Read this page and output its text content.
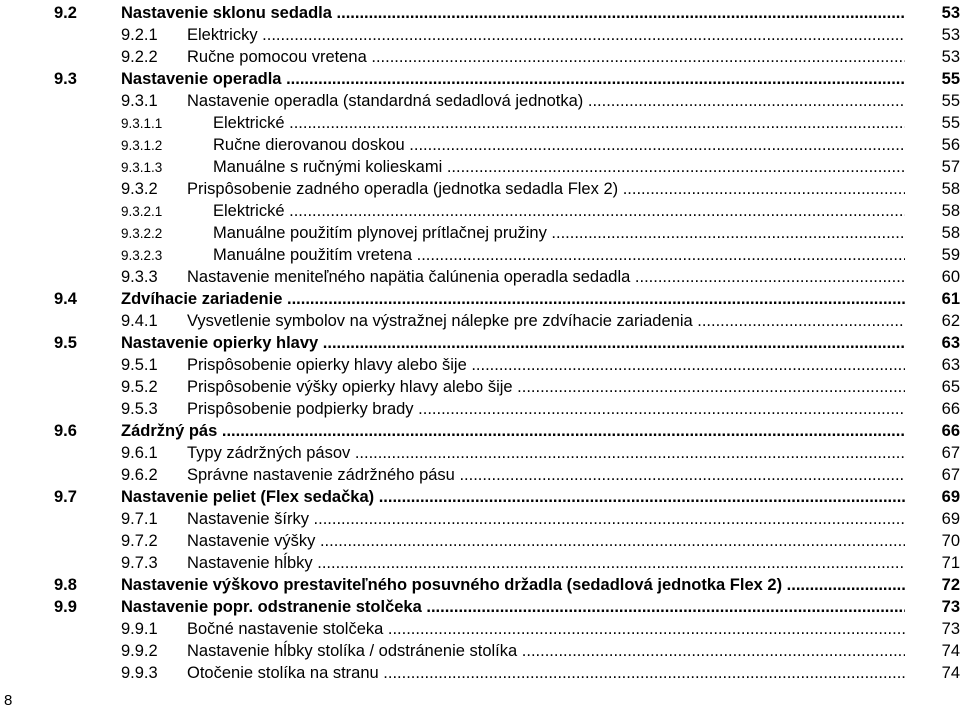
9.2	Nastavenie sklonu sedadla .....	53
9.2.1 Elektricky .....	53
9.2.2 Ručne pomocou vretena .....	53
9.3	Nastavenie operadla .....	55
9.3.1 Nastavenie operadla (standardná sedadlová jednotka) .....	55
9.3.1.1	Elektrické .....	55
9.3.1.2	Ručne dierovanou doskou .....	56
9.3.1.3	Manuálne s ručnými kolieskami .....	57
9.3.2 Prispôsobenie zadného operadla (jednotka sedadla Flex 2) .....	58
9.3.2.1	Elektrické .....	58
9.3.2.2	Manuálne použitím plynovej prítlačnej pružiny .....	58
9.3.2.3	Manuálne použitím vretena .....	59
9.3.3 Nastavenie meniteľného napätia čalúnenia operadla sedadla .....	60
9.4	Zdvíhacie zariadenie .....	61
9.4.1 Vysvetlenie symbolov na výstražnej nálepke pre zdvíhacie zariadenia .....	62
9.5	Nastavenie opierky hlavy .....	63
9.5.1 Prispôsobenie opierky hlavy alebo šije .....	63
9.5.2 Prispôsobenie výšky opierky hlavy alebo šije .....	65
9.5.3 Prispôsobenie podpierky brady .....	66
9.6	Zádržný pás .....	66
9.6.1 Typy zádržných pásov .....	67
9.6.2 Správne nastavenie zádržného pásu .....	67
9.7	Nastavenie peliet (Flex sedačka) .....	69
9.7.1 Nastavenie šírky .....	69
9.7.2 Nastavenie výšky .....	70
9.7.3 Nastavenie hĺbky .....	71
9.8	Nastavenie výškovo prestaviteľného posuvného držadla (sedadlová jednotka Flex 2) .....	72
9.9	Nastavenie popr. odstranenie stolčeka .....	73
9.9.1 Bočné nastavenie stolčeka .....	73
9.9.2 Nastavenie hĺbky stolíka / odstránenie stolíka .....	74
9.9.3 Otočenie stolíka na stranu .....	74
8
